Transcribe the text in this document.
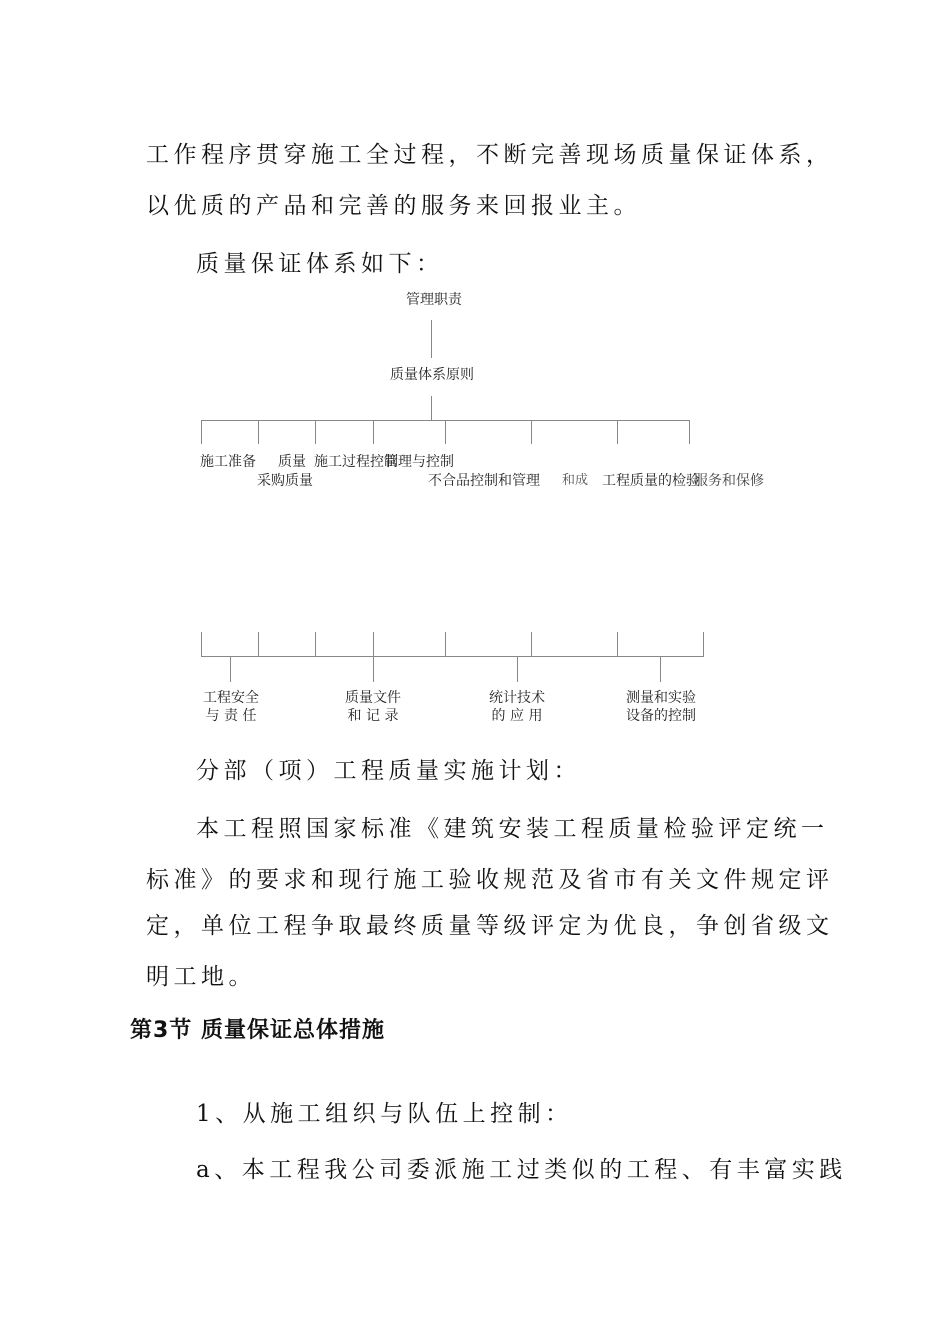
工作程序贯穿施工全过程，不断完善现场质量保证体系，
以优质的产品和完善的服务来回报业主。
质量保证体系如下：
管理职责
质量体系原则
施工准备 质量 施工过程控制
管理与控制
采购质量	不合品控制和管理 和成 工程质量的检验
服务和保修
工程安全
与 责 任
质量文件
和 记 录
统计技术
的 应 用
测量和实验
设备的控制
分部（项）工程质量实施计划：
本工程照国家标准《建筑安装工程质量检验评定统一
标准》的要求和现行施工验收规范及省市有关文件规定评
定，单位工程争取最终质量等级评定为优良，争创省级文
明工地。
第3节 质量保证总体措施
1、从施工组织与队伍上控制：
a、本工程我公司委派施工过类似的工程、有丰富实践
